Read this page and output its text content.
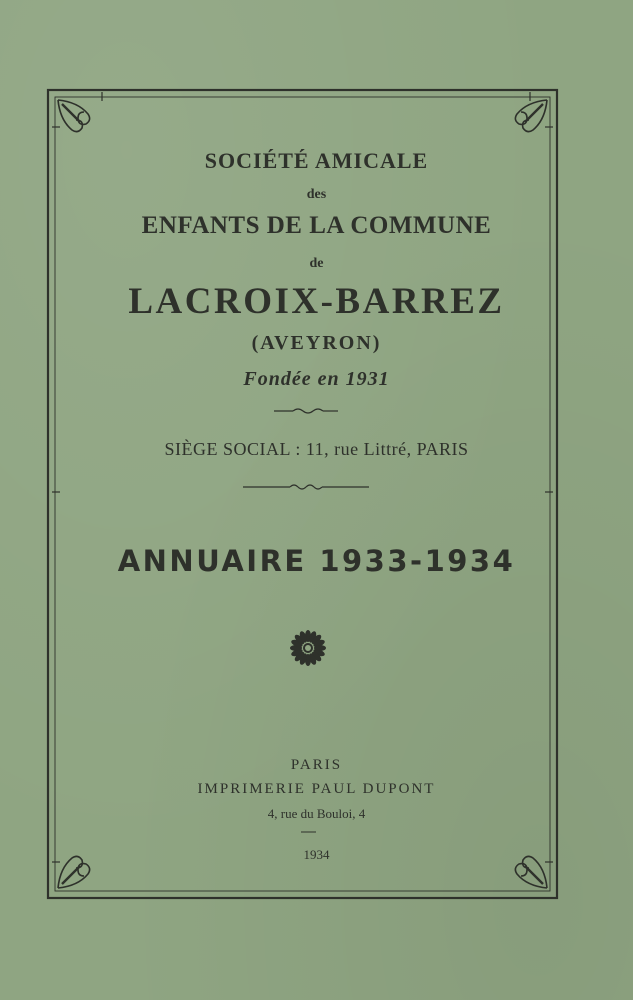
SOCIÉTÉ AMICALE
des
ENFANTS DE LA COMMUNE
de
LACROIX-BARREZ
(AVEYRON)
Fondée en 1931
SIÈGE SOCIAL : 11, rue Littré, PARIS
ANNUAIRE 1933-1934
PARIS
IMPRIMERIE PAUL DUPONT
4, rue du Bouloi, 4
1934
